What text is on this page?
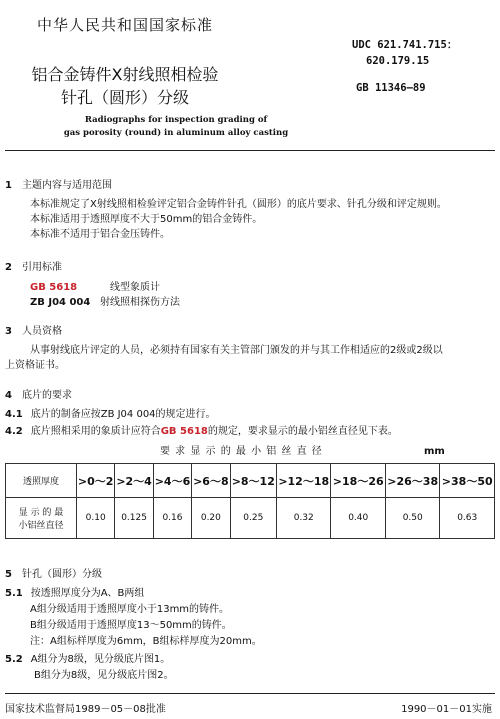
中华人民共和国国家标准
UDC 621.741.715：
620.179.15
GB 11346—89
铝合金铸件X射线照相检验
针孔（圆形）分级
Radiographs for inspection grading of
gas porosity (round) in aluminum alloy casting
1 主题内容与适用范围
本标准规定了X射线照相检验评定铝合金铸件针孔（圆形）的底片要求、针孔分级和评定规则。
本标准适用于透照厚度不大于50mm的铝合金铸件。
本标准不适用于铝合金压铸件。
2 引用标准
GB 5618	线型象质计
ZB J04 004 射线照相探伤方法
3 人员资格
从事射线底片评定的人员，必须持有国家有关主管部门颁发的并与其工作相适应的2级或2级以
上资格证书。
4 底片的要求
4.1 底片的制备应按ZB J04 004的规定进行。
4.2 底片照相采用的象质计应符合GB 5618的规定，要求显示的最小铝丝直径见下表。
要 求 显 示 的 最 小 铝 丝 直 径	mm
透照厚度	>0～2	>2～4	>4～6	>6～8	>8～12	>12～18	>18～26	>26～38	>38～50

显 示 的 最
小铝丝直径	0.10	0.125	0.16	0.20	0.25	0.32	0.40	0.50	0.63
5 针孔（圆形）分级
5.1 按透照厚度分为A、B两组
A组分级适用于透照厚度小于13mm的铸件。
B组分级适用于透照厚度13～50mm的铸件。
注：A组标样厚度为6mm，B组标样厚度为20mm。
5.2 A组分为8级，见分级底片图1。
B组分为8级，见分级底片图2。
国家技术监督局1989－05－08批准	1990－01－01实施
